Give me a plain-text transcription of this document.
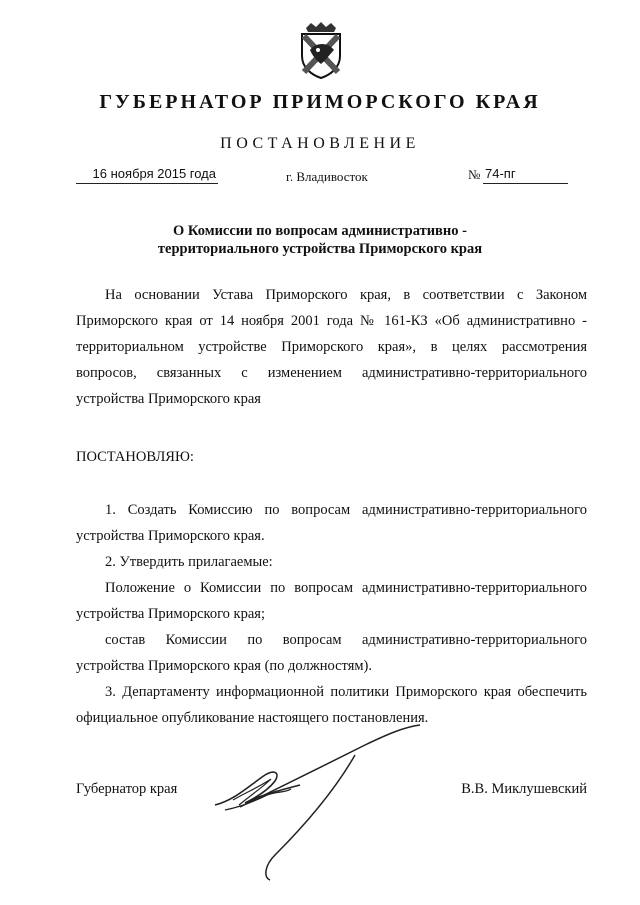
ГУБЕРНАТОР ПРИМОРСКОГО КРАЯ
ПОСТАНОВЛЕНИЕ
16 ноября 2015 года	г. Владивосток	№ 74-пг
О Комиссии по вопросам административно -
территориального устройства Приморского края
На основании Устава Приморского края, в соответствии с Законом
Приморского края от 14 ноября 2001 года № 161-КЗ «Об административно -
территориальном устройстве Приморского края», в целях рассмотрения
вопросов, связанных с изменением административно-территориального
устройства Приморского края
ПОСТАНОВЛЯЮ:
1. Создать Комиссию по вопросам административно-территориального
устройства Приморского края.
2. Утвердить прилагаемые:
Положение о Комиссии по вопросам административно-территориального
устройства Приморского края;
состав Комиссии по вопросам административно-территориального
устройства Приморского края (по должностям).
3. Департаменту информационной политики Приморского края обеспечить
официальное опубликование настоящего постановления.
Губернатор края	В.В. Миклушевский
